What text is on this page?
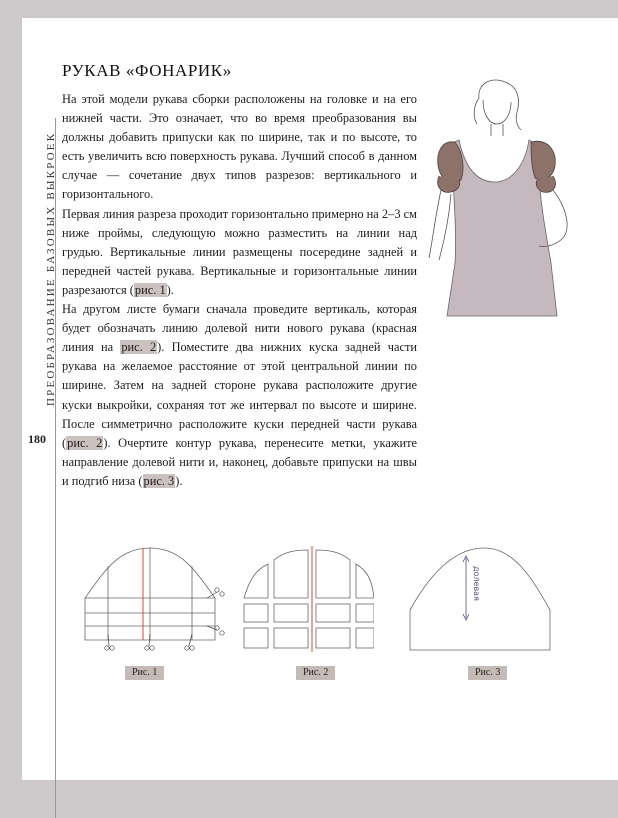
ПРЕОБРАЗОВАНИЕ БАЗОВЫХ ВЫКРОЕК
180
РУКАВ «ФОНАРИК»

На этой модели рукава сборки расположены на головке и на его нижней части. Это означает, что во время преобразования вы должны добавить припуски как по ширине, так и по высоте, то есть увеличить всю поверхность рукава. Лучший способ в данном случае — сочетание двух типов разрезов: вертикального и горизонтального.

Первая линия разреза проходит горизонтально примерно на 2–3 см ниже проймы, следующую можно разместить на линии над грудью. Вертикальные линии размещены посередине задней и передней частей рукава. Вертикальные и горизонтальные линии разрезаются (рис. 1).

На другом листе бумаги сначала проведите вертикаль, которая будет обозначать линию долевой нити нового рукава (красная линия на рис. 2). Поместите два нижних куска задней части рукава на желаемое расстояние от этой центральной линии по ширине. Затем на задней стороне рукава расположите другие куски выкройки, сохраняя тот же интервал по высоте и ширине. После симметрично расположите куски передней части рукава (рис. 2). Очертите контур рукава, перенесите метки, укажите направление долевой нити и, наконец, добавьте припуски на швы и подгиб низа (рис. 3).

долевая
Рис. 1	Рис. 2	Рис. 3
